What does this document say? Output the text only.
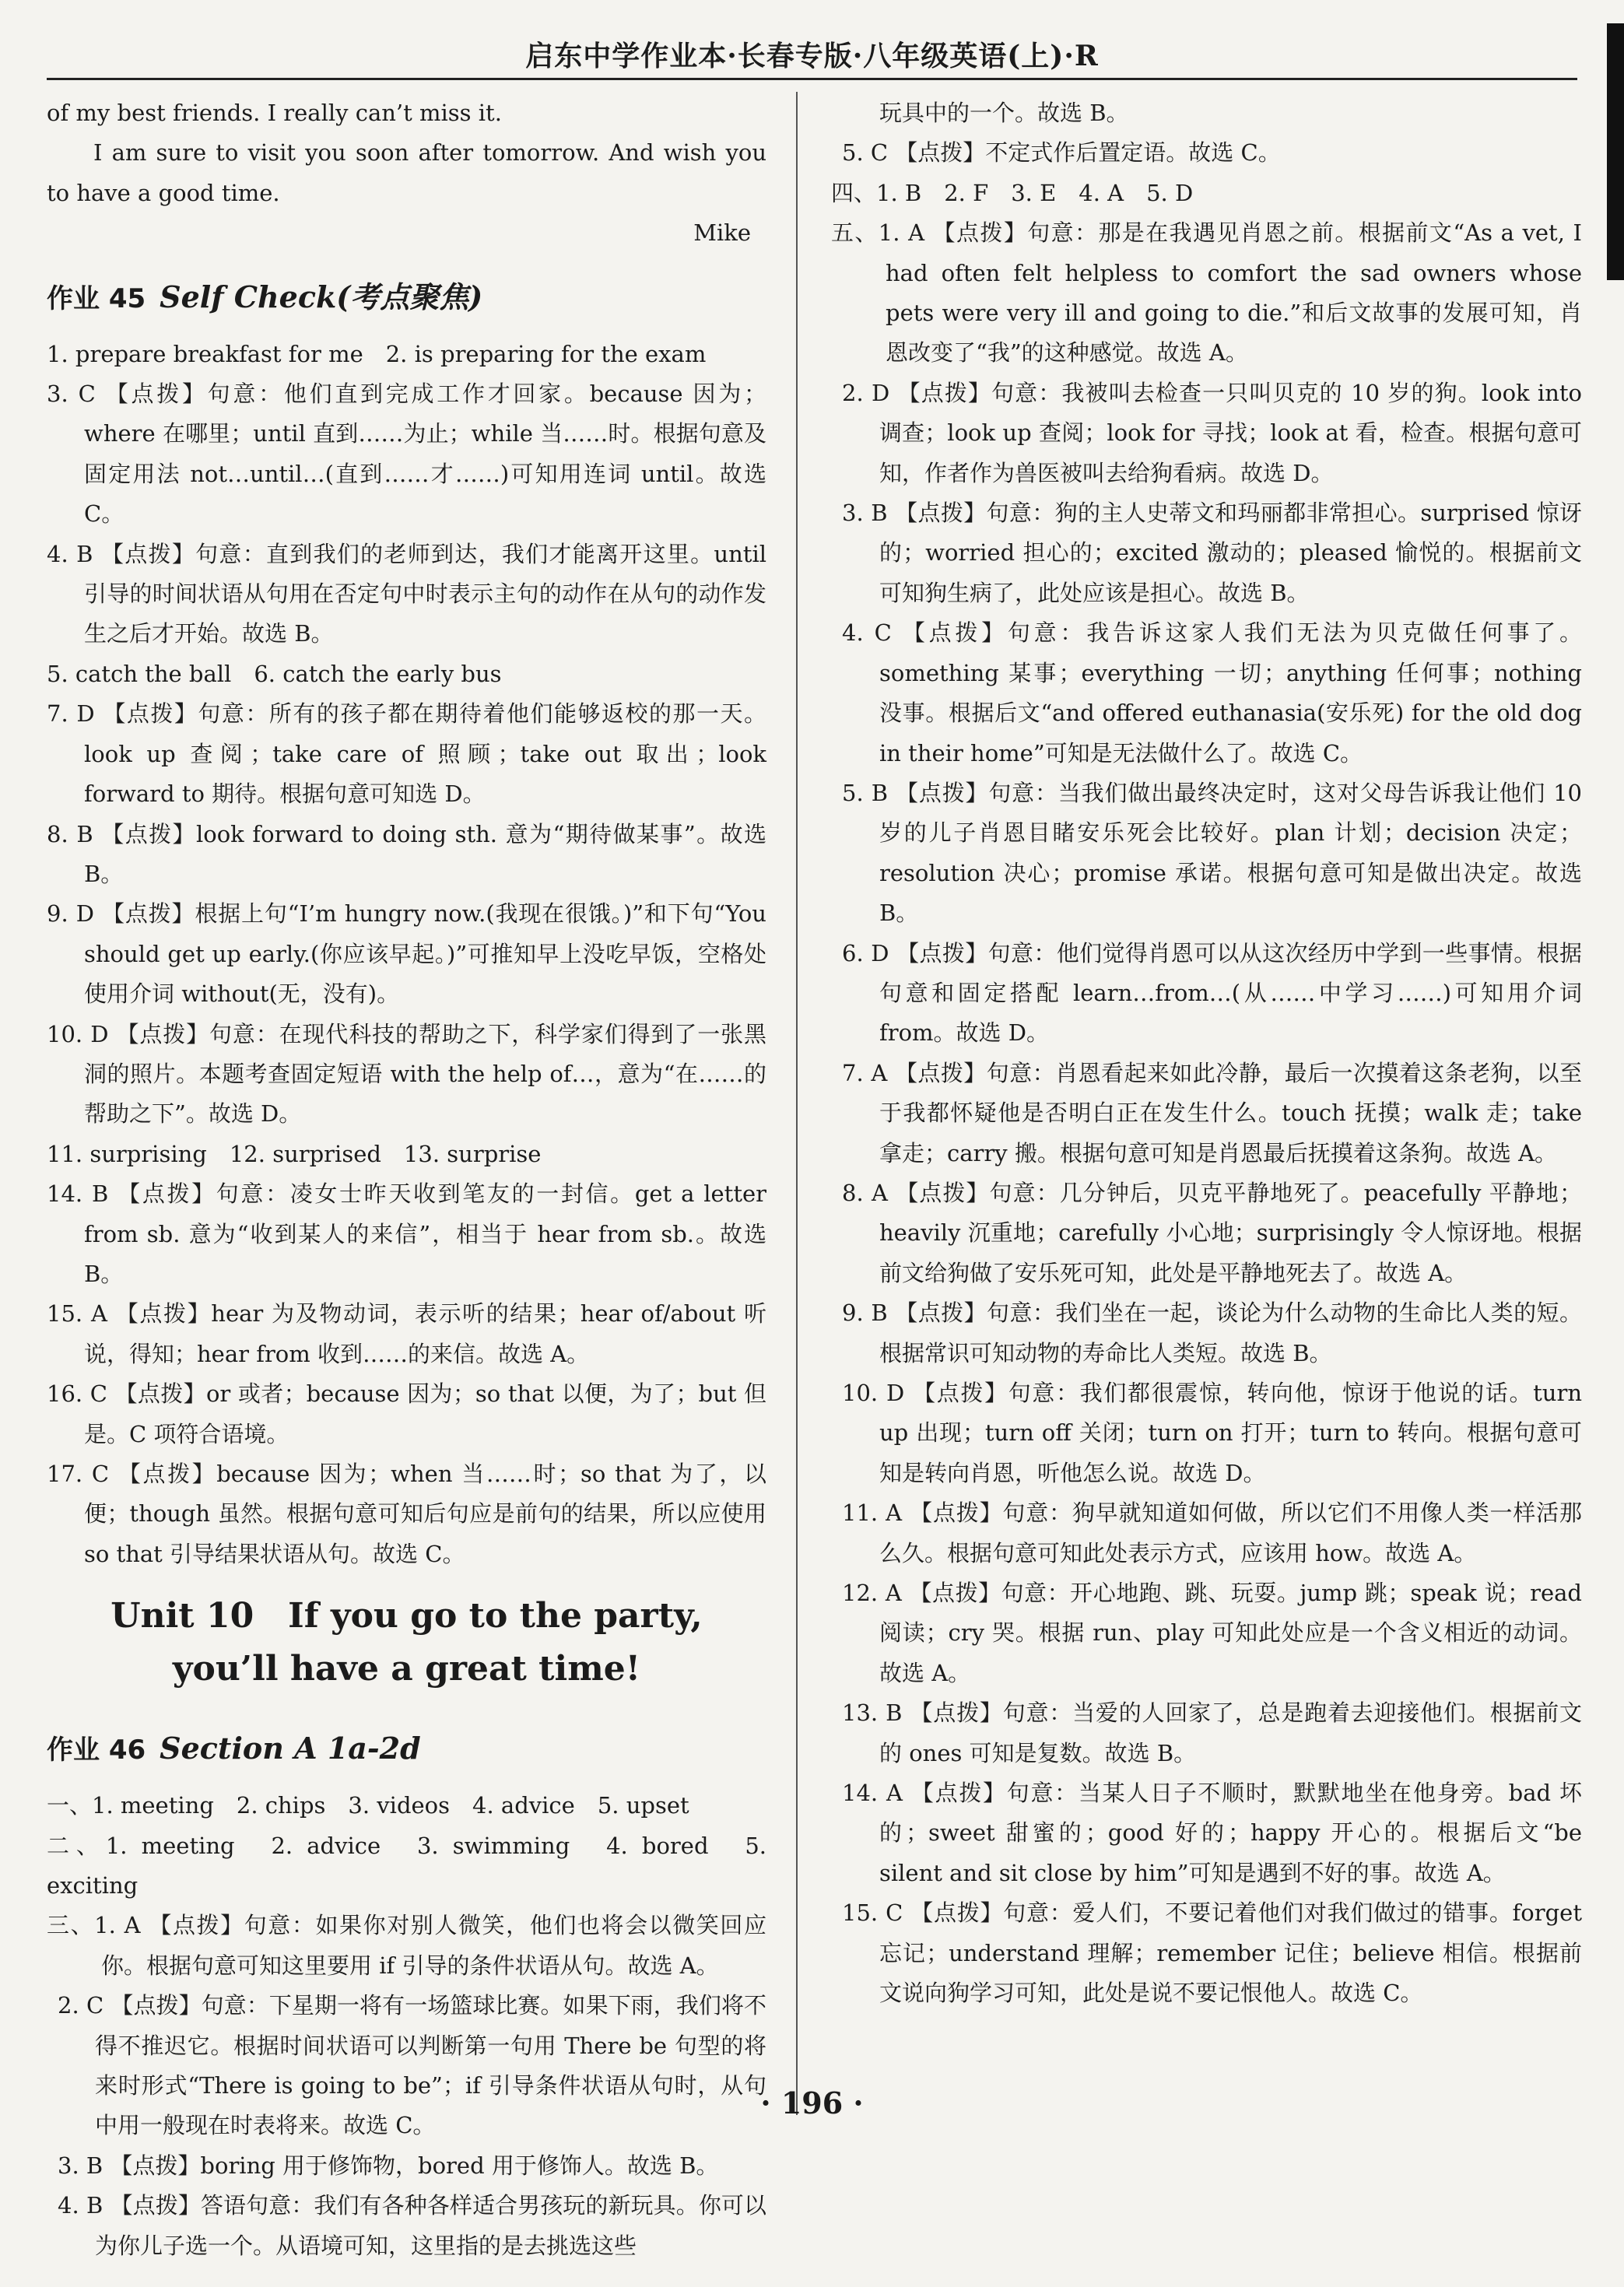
启东中学作业本·长春专版·八年级英语(上)·R

of my best friends. I really can’t miss it.

I am sure to visit you soon after tomorrow. And wish you to have a good time.

Mike

作业 45 Self Check(考点聚焦)

1. prepare breakfast for me　2. is preparing for the exam

3. C 【点拨】句意：他们直到完成工作才回家。because 因为；where 在哪里；until 直到……为止；while 当……时。根据句意及固定用法 not…until…(直到……才……)可知用连词 until。故选 C。

4. B 【点拨】句意：直到我们的老师到达，我们才能离开这里。until 引导的时间状语从句用在否定句中时表示主句的动作在从句的动作发生之后才开始。故选 B。

5. catch the ball　6. catch the early bus

7. D 【点拨】句意：所有的孩子都在期待着他们能够返校的那一天。look up 查阅；take care of 照顾；take out 取出；look forward to 期待。根据句意可知选 D。

8. B 【点拨】look forward to doing sth. 意为“期待做某事”。故选 B。

9. D 【点拨】根据上句“I’m hungry now.(我现在很饿。)”和下句“You should get up early.(你应该早起。)”可推知早上没吃早饭，空格处使用介词 without(无，没有)。

10. D 【点拨】句意：在现代科技的帮助之下，科学家们得到了一张黑洞的照片。本题考查固定短语 with the help of…，意为“在……的帮助之下”。故选 D。

11. surprising　12. surprised　13. surprise

14. B 【点拨】句意：凌女士昨天收到笔友的一封信。get a letter from sb. 意为“收到某人的来信”，相当于 hear from sb.。故选 B。

15. A 【点拨】hear 为及物动词，表示听的结果；hear of/about 听说，得知；hear from 收到……的来信。故选 A。

16. C 【点拨】or 或者；because 因为；so that 以便，为了；but 但是。C 项符合语境。

17. C 【点拨】because 因为；when 当……时；so that 为了，以便；though 虽然。根据句意可知后句应是前句的结果，所以应使用 so that 引导结果状语从句。故选 C。

Unit 10　If you go to the party,
you’ll have a great time!
作业 46 Section A 1a-2d

一、1. meeting　2. chips　3. videos　4. advice　5. upset

二、1. meeting　2. advice　3. swimming　4. bored　5. exciting

三、1. A 【点拨】句意：如果你对别人微笑，他们也将会以微笑回应你。根据句意可知这里要用 if 引导的条件状语从句。故选 A。

2. C 【点拨】句意：下星期一将有一场篮球比赛。如果下雨，我们将不得不推迟它。根据时间状语可以判断第一句用 There be 句型的将来时形式“There is going to be”；if 引导条件状语从句时，从句中用一般现在时表将来。故选 C。

3. B 【点拨】boring 用于修饰物，bored 用于修饰人。故选 B。

4. B 【点拨】答语句意：我们有各种各样适合男孩玩的新玩具。你可以为你儿子选一个。从语境可知，这里指的是去挑选这些

玩具中的一个。故选 B。

5. C 【点拨】不定式作后置定语。故选 C。

四、1. B　2. F　3. E　4. A　5. D

五、1. A 【点拨】句意：那是在我遇见肖恩之前。根据前文“As a vet, I had often felt helpless to comfort the sad owners whose pets were very ill and going to die.”和后文故事的发展可知，肖恩改变了“我”的这种感觉。故选 A。

2. D 【点拨】句意：我被叫去检查一只叫贝克的 10 岁的狗。look into 调查；look up 查阅；look for 寻找；look at 看，检查。根据句意可知，作者作为兽医被叫去给狗看病。故选 D。

3. B 【点拨】句意：狗的主人史蒂文和玛丽都非常担心。surprised 惊讶的；worried 担心的；excited 激动的；pleased 愉悦的。根据前文可知狗生病了，此处应该是担心。故选 B。

4. C 【点拨】句意：我告诉这家人我们无法为贝克做任何事了。something 某事；everything 一切；anything 任何事；nothing 没事。根据后文“and offered euthanasia(安乐死) for the old dog in their home”可知是无法做什么了。故选 C。

5. B 【点拨】句意：当我们做出最终决定时，这对父母告诉我让他们 10 岁的儿子肖恩目睹安乐死会比较好。plan 计划；decision 决定；resolution 决心；promise 承诺。根据句意可知是做出决定。故选 B。

6. D 【点拨】句意：他们觉得肖恩可以从这次经历中学到一些事情。根据句意和固定搭配 learn…from…(从……中学习……)可知用介词 from。故选 D。

7. A 【点拨】句意：肖恩看起来如此冷静，最后一次摸着这条老狗，以至于我都怀疑他是否明白正在发生什么。touch 抚摸；walk 走；take 拿走；carry 搬。根据句意可知是肖恩最后抚摸着这条狗。故选 A。

8. A 【点拨】句意：几分钟后，贝克平静地死了。peacefully 平静地；heavily 沉重地；carefully 小心地；surprisingly 令人惊讶地。根据前文给狗做了安乐死可知，此处是平静地死去了。故选 A。

9. B 【点拨】句意：我们坐在一起，谈论为什么动物的生命比人类的短。根据常识可知动物的寿命比人类短。故选 B。

10. D 【点拨】句意：我们都很震惊，转向他，惊讶于他说的话。turn up 出现；turn off 关闭；turn on 打开；turn to 转向。根据句意可知是转向肖恩，听他怎么说。故选 D。

11. A 【点拨】句意：狗早就知道如何做，所以它们不用像人类一样活那么久。根据句意可知此处表示方式，应该用 how。故选 A。

12. A 【点拨】句意：开心地跑、跳、玩耍。jump 跳；speak 说；read 阅读；cry 哭。根据 run、play 可知此处应是一个含义相近的动词。故选 A。

13. B 【点拨】句意：当爱的人回家了，总是跑着去迎接他们。根据前文的 ones 可知是复数。故选 B。

14. A 【点拨】句意：当某人日子不顺时，默默地坐在他身旁。bad 坏的；sweet 甜蜜的；good 好的；happy 开心的。根据后文“be silent and sit close by him”可知是遇到不好的事。故选 A。

15. C 【点拨】句意：爱人们，不要记着他们对我们做过的错事。forget 忘记；understand 理解；remember 记住；believe 相信。根据前文说向狗学习可知，此处是说不要记恨他人。故选 C。

· 196 ·
